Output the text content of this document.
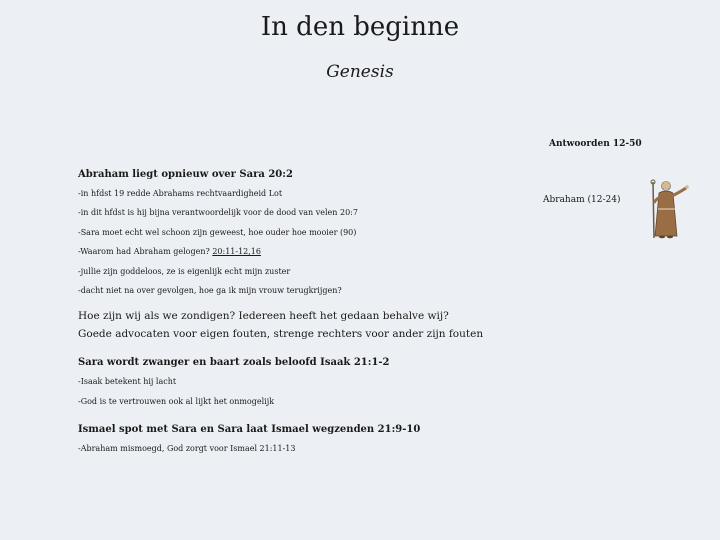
In den beginne
Genesis
Antwoorden 12-50
Abraham (12-24)
Abraham liegt opnieuw over Sara 20:2
-in hfdst 19 redde Abrahams rechtvaardigheid Lot
-in dit hfdst is hij bijna verantwoordelijk voor de dood van velen 20:7
-Sara moet echt wel schoon zijn geweest, hoe ouder hoe mooier (90)
-Waarom had Abraham gelogen? 20:11-12,16
-jullie zijn goddeloos, ze is eigenlijk echt mijn zuster
-dacht niet na over gevolgen, hoe ga ik mijn vrouw terugkrijgen?
Hoe zijn wij als we zondigen? Iedereen heeft het gedaan behalve wij?
Goede advocaten voor eigen fouten, strenge rechters voor ander zijn fouten
Sara wordt zwanger en baart zoals beloofd Isaak 21:1-2
-Isaak betekent hij lacht
-God is te vertrouwen ook al lijkt het onmogelijk
Ismael spot met Sara en Sara laat Ismael wegzenden 21:9-10
-Abraham mismoegd, God zorgt voor Ismael 21:11-13
